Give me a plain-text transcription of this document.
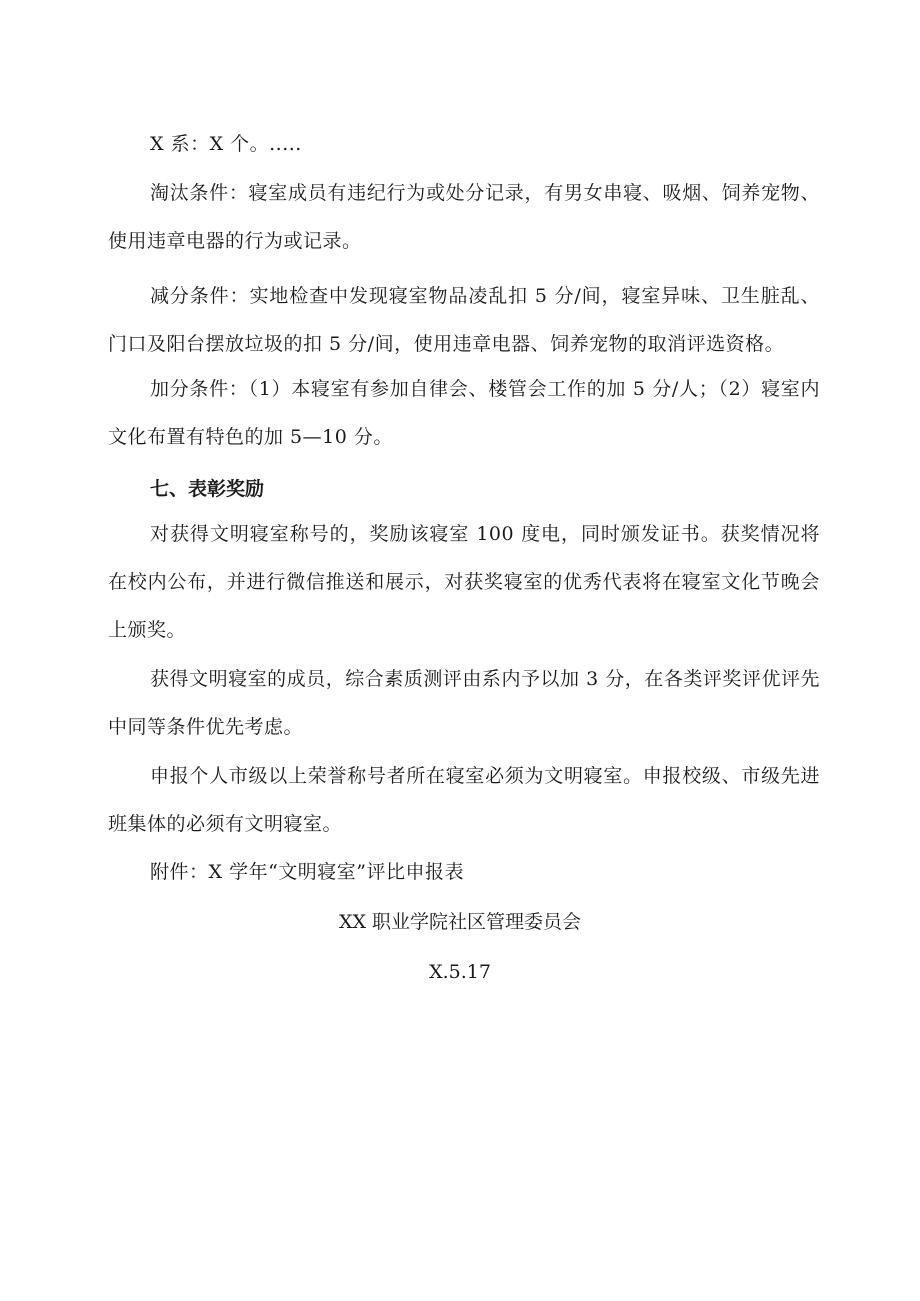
X 系：X 个。.....

淘汰条件：寝室成员有违纪行为或处分记录，有男女串寝、吸烟、饲养宠物、使用违章电器的行为或记录。

减分条件：实地检查中发现寝室物品凌乱扣 5 分/间，寝室异味、卫生脏乱、门口及阳台摆放垃圾的扣 5 分/间，使用违章电器、饲养宠物的取消评选资格。

加分条件：（1）本寝室有参加自律会、楼管会工作的加 5 分/人；（2）寝室内文化布置有特色的加 5—10 分。

七、表彰奖励

对获得文明寝室称号的，奖励该寝室 100 度电，同时颁发证书。获奖情况将在校内公布，并进行微信推送和展示，对获奖寝室的优秀代表将在寝室文化节晚会上颁奖。

获得文明寝室的成员，综合素质测评由系内予以加 3 分，在各类评奖评优评先中同等条件优先考虑。

申报个人市级以上荣誉称号者所在寝室必须为文明寝室。申报校级、市级先进班集体的必须有文明寝室。

附件：X 学年“文明寝室”评比申报表

XX 职业学院社区管理委员会

X.5.17
